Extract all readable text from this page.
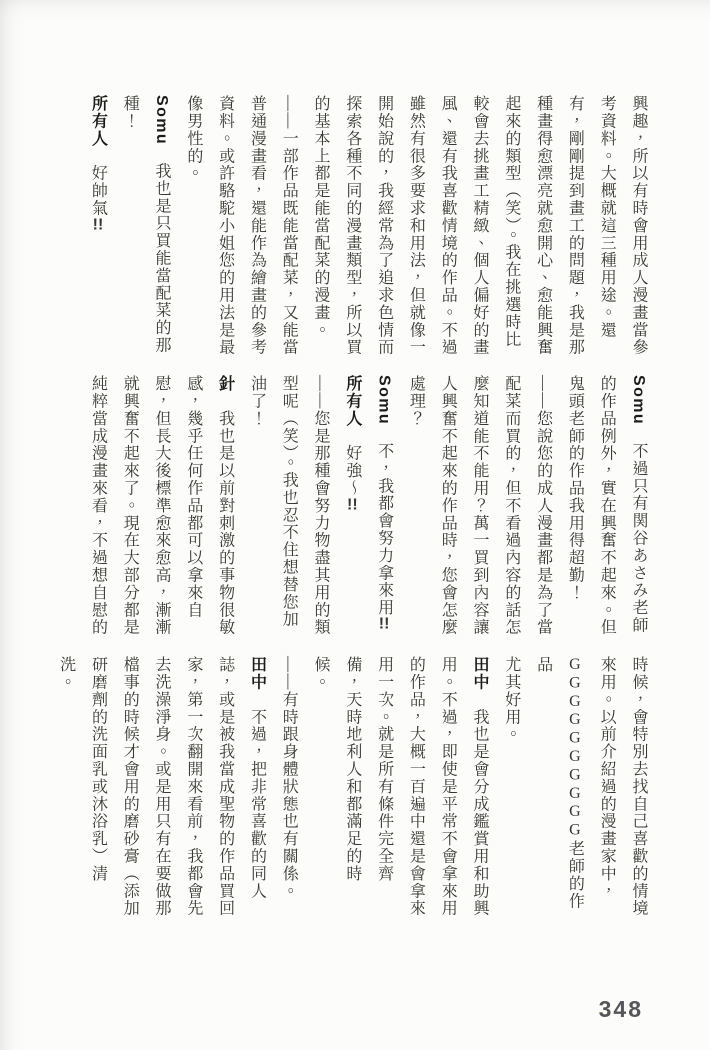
興趣，所以有時會用成人漫畫當參

考資料。大概就這三種用途。還

有，剛剛提到畫工的問題，我是那

種畫得愈漂亮就愈開心、愈能興奮

起來的類型（笑）。我在挑選時比

較會去挑畫工精緻、個人偏好的畫

風、還有我喜歡情境的作品。不過

雖然有很多要求和用法，但就像一

開始說的，我經常為了追求色情而

探索各種不同的漫畫類型，所以買

的基本上都是能當配菜的漫畫。

——一部作品既能當配菜，又能當

普通漫畫看，還能作為繪畫的參考

資料。或許駱駝小姐您的用法是最

像男性的。

Somu　我也是只買能當配菜的那

種！

所有人　好帥氣!!

Somu　不過只有関谷あさみ老師

的作品例外，實在興奮不起來。但

鬼頭老師的作品我用得超勤！

——您說您的成人漫畫都是為了當

配菜而買的，但不看過內容的話怎

麼知道能不能用？萬一買到內容讓

人興奮不起來的作品時，您會怎麼

處理？

Somu　不，我都會努力拿來用!!

所有人　好強～!!

——您是那種會努力物盡其用的類

型呢（笑）。我也忍不住想替您加

油了！

針　我也是以前對刺激的事物很敏

感，幾乎任何作品都可以拿來自

慰，但長大後標準愈來愈高，漸漸

就興奮不起來了。現在大部分都是

純粹當成漫畫來看，不過想自慰的

時候，會特別去找自己喜歡的情境

來用。以前介紹過的漫畫家中，

GGGGGGGGGG老師的作品

尤其好用。

田中　我也是會分成鑑賞用和助興

用。不過，即使是平常不會拿來用

的作品，大概一百遍中還是會拿來

用一次。就是所有條件完全齊

備，天時地利人和都滿足的時

候。

——有時跟身體狀態也有關係。

田中　不過，把非常喜歡的同人

誌，或是被我當成聖物的作品買回

家，第一次翻開來看前，我都會先

去洗澡淨身。或是用只有在要做那

檔事的時候才會用的磨砂膏（添加

研磨劑的洗面乳或沐浴乳）清

洗。

348
